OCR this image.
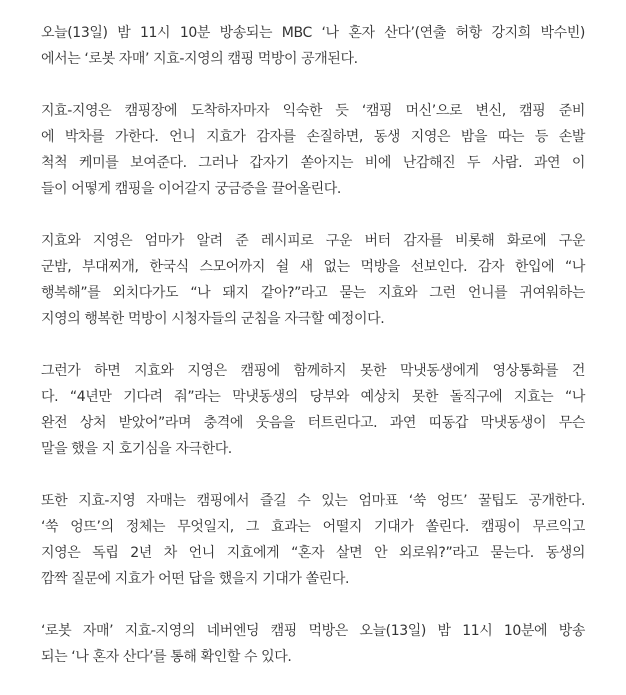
오늘(13일) 밤 11시 10분 방송되는 MBC ‘나 혼자 산다’(연출 허항 강지희 박수빈)
에서는 ‘로봇 자매’ 지효-지영의 캠핑 먹방이 공개된다.
지효-지영은 캠핑장에 도착하자마자 익숙한 듯 ‘캠핑 머신’으로 변신, 캠핑 준비
에 박차를 가한다. 언니 지효가 감자를 손질하면, 동생 지영은 밤을 따는 등 손발
척척 케미를 보여준다. 그러나 갑자기 쏟아지는 비에 난감해진 두 사람. 과연 이
들이 어떻게 캠핑을 이어갈지 궁금증을 끌어올린다.
지효와 지영은 엄마가 알려 준 레시피로 구운 버터 감자를 비롯해 화로에 구운
군밤, 부대찌개, 한국식 스모어까지 쉴 새 없는 먹방을 선보인다. 감자 한입에 “나
행복해”를 외치다가도 “나 돼지 같아?”라고 묻는 지효와 그런 언니를 귀여워하는
지영의 행복한 먹방이 시청자들의 군침을 자극할 예정이다.
그런가 하면 지효와 지영은 캠핑에 함께하지 못한 막냇동생에게 영상통화를 건
다. “4년만 기다려 줘”라는 막냇동생의 당부와 예상치 못한 돌직구에 지효는 “나
완전 상처 받았어”라며 충격에 웃음을 터트린다고. 과연 띠동갑 막냇동생이 무슨
말을 했을 지 호기심을 자극한다.
또한 지효-지영 자매는 캠핑에서 즐길 수 있는 엄마표 ‘쑥 엉뜨’ 꿀팁도 공개한다.
‘쑥 엉뜨’의 정체는 무엇일지, 그 효과는 어떨지 기대가 쏠린다. 캠핑이 무르익고
지영은 독립 2년 차 언니 지효에게 “혼자 살면 안 외로워?”라고 묻는다. 동생의
깜짝 질문에 지효가 어떤 답을 했을지 기대가 쏠린다.
‘로봇 자매’ 지효-지영의 네버엔딩 캠핑 먹방은 오늘(13일) 밤 11시 10분에 방송
되는 ‘나 혼자 산다’를 통해 확인할 수 있다.
